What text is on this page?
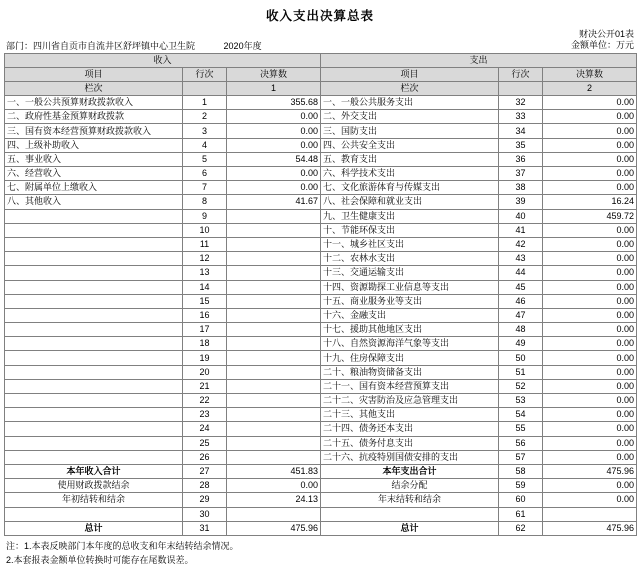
收入支出决算总表
部门：四川省自贡市自流井区舒坪镇中心卫生院	2020年度
财决公开01表
金额单位：万元
收入			支出		
项目	行次	决算数	项目	行次	决算数
栏次		1	栏次		2
一、一般公共预算财政拨款收入	1	355.68	一、一般公共服务支出	32	0.00
二、政府性基金预算财政拨款	2	0.00	二、外交支出	33	0.00
三、国有资本经营预算财政拨款收入	3	0.00	三、国防支出	34	0.00
四、上级补助收入	4	0.00	四、公共安全支出	35	0.00
五、事业收入	5	54.48	五、教育支出	36	0.00
六、经营收入	6	0.00	六、科学技术支出	37	0.00
七、附属单位上缴收入	7	0.00	七、文化旅游体育与传媒支出	38	0.00
八、其他收入	8	41.67	八、社会保障和就业支出	39	16.24
	9		九、卫生健康支出	40	459.72
	10		十、节能环保支出	41	0.00
	11		十一、城乡社区支出	42	0.00
	12		十二、农林水支出	43	0.00
	13		十三、交通运输支出	44	0.00
	14		十四、资源勘探工业信息等支出	45	0.00
	15		十五、商业服务业等支出	46	0.00
	16		十六、金融支出	47	0.00
	17		十七、援助其他地区支出	48	0.00
	18		十八、自然资源海洋气象等支出	49	0.00
	19		十九、住房保障支出	50	0.00
	20		二十、粮油物资储备支出	51	0.00
	21		二十一、国有资本经营预算支出	52	0.00
	22		二十二、灾害防治及应急管理支出	53	0.00
	23		二十三、其他支出	54	0.00
	24		二十四、债务还本支出	55	0.00
	25		二十五、债务付息支出	56	0.00
	26		二十六、抗疫特别国债安排的支出	57	0.00
本年收入合计	27	451.83	本年支出合计	58	475.96
使用财政拨款结余	28	0.00	结余分配	59	0.00
年初结转和结余	29	24.13	年末结转和结余	60	0.00
	30			61	
总计	31	475.96	总计	62	475.96
注：1.本表反映部门本年度的总收支和年末结转结余情况。
2.本套报表金额单位转换时可能存在尾数误差。
